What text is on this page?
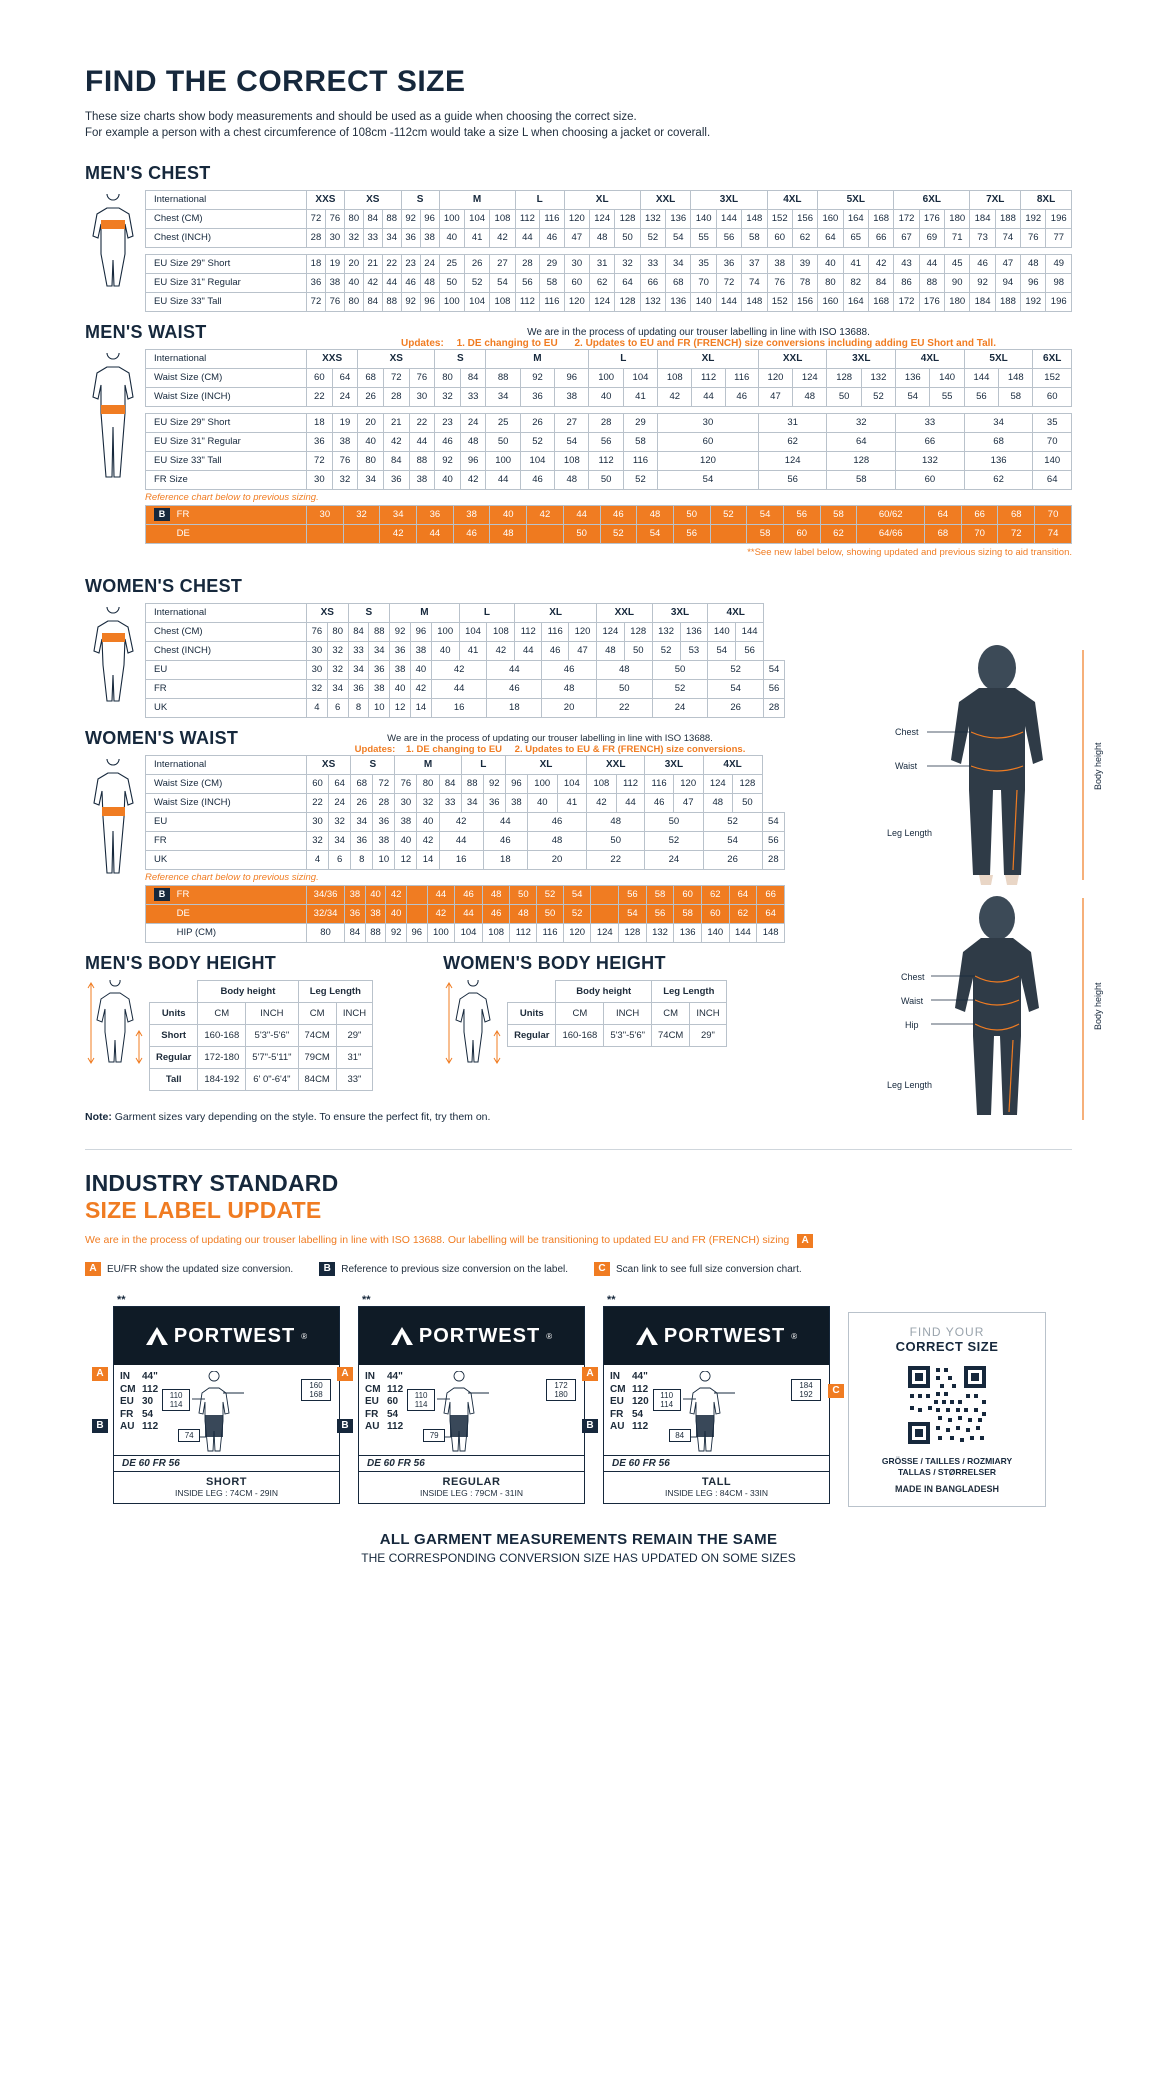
FIND THE CORRECT SIZE
These size charts show body measurements and should be used as a guide when choosing the correct size.
For example a person with a chest circumference of 108cm -112cm would take a size L when choosing a jacket or coverall.
MEN'S CHEST
International	XXS		XS			S		M			L		XL			XXL		3XL			4XL		5XL			6XL			7XL		8XL	
Chest (CM)	72	76	80	84	88	92	96	100	104	108	112	116	120	124	128	132	136	140	144	148	152	156	160	164	168	172	176	180	184	188	192	196
Chest (INCH)	28	30	32	33	34	36	38	40	41	42	44	46	47	48	50	52	54	55	56	58	60	62	64	65	66	67	69	71	73	74	76	77

EU Size 29" Short	18	19	20	21	22	23	24	25	26	27	28	29	30	31	32	33	34	35	36	37	38	39	40	41	42	43	44	45	46	47	48	49
EU Size 31" Regular	36	38	40	42	44	46	48	50	52	54	56	58	60	62	64	66	68	70	72	74	76	78	80	82	84	86	88	90	92	94	96	98
EU Size 33" Tall	72	76	80	84	88	92	96	100	104	108	112	116	120	124	128	132	136	140	144	148	152	156	160	164	168	172	176	180	184	188	192	196
MEN'S WAIST	We are in the process of updating our trouser labelling in line with ISO 13688.
Updates: 1. DE changing to EU 2. Updates to EU and FR (FRENCH) size conversions including adding EU Short and Tall.
International	XXS		XS			S		M			L		XL			XXL		3XL		4XL		5XL		6XL
Waist Size (CM)	60	64	68	72	76	80	84	88	92	96	100	104	108	112	116	120	124	128	132	136	140	144	148	152
Waist Size (INCH)	22	24	26	28	30	32	33	34	36	38	40	41	42	44	46	47	48	50	52	54	55	56	58	60

EU Size 29" Short	18	19	20	21	22	23	24	25	26	27	28	29	30			31		32		33		34		35
EU Size 31" Regular	36	38	40	42	44	46	48	50	52	54	56	58	60			62		64		66		68		70
EU Size 33" Tall	72	76	80	84	88	92	96	100	104	108	112	116	120			124		128		132		136		140
FR Size	30	32	34	36	38	40	42	44	46	48	50	52	54			56		58		60		62		64
Reference chart below to previous sizing.
B FR	30	32	34	36	38	40	42	44	46	48	50	52	54	56	58	60/62	64	66	68	70
DE			42	44	46	48		50	52	54	56		58	60	62	64/66	68	70	72	74
**See new label below, showing updated and previous sizing to aid transition.
Chest
Waist
Leg Length
Body height
Chest
Waist
Hip
Leg Length
Body height
WOMEN'S CHEST
International	XS		S		M			L		XL			XXL		3XL		4XL		
Chest (CM)	76	80	84	88	92	96	100	104	108	112	116	120	124	128	132	136	140	144	
Chest (INCH)	30	32	33	34	36	38	40	41	42	44	46	47	48	50	52	53	54	56	
EU	30	32	34	36	38	40	42		44		46		48		50		52		54
FR	32	34	36	38	40	42	44		46		48		50		52		54		56
UK	4	6	8	10	12	14	16		18		20		22		24		26		28
WOMEN'S WAIST	We are in the process of updating our trouser labelling in line with ISO 13688.
Updates: 1. DE changing to EU 2. Updates to EU & FR (FRENCH) size conversions.
International	XS		S		M			L		XL			XXL		3XL		4XL		
Waist Size (CM)	60	64	68	72	76	80	84	88	92	96	100	104	108	112	116	120	124	128	
Waist Size (INCH)	22	24	26	28	30	32	33	34	36	38	40	41	42	44	46	47	48	50	
EU	30	32	34	36	38	40	42		44		46		48		50		52		54
FR	32	34	36	38	40	42	44		46		48		50		52		54		56
UK	4	6	8	10	12	14	16		18		20		22		24		26		28
Reference chart below to previous sizing.
B FR	34/36	38	40	42		44	46	48	50	52	54		56	58	60	62	64	66
DE	32/34	36	38	40		42	44	46	48	50	52		54	56	58	60	62	64
HIP (CM)	80	84	88	92	96	100	104	108	112	116	120	124	128	132	136	140	144	148
MEN'S BODY HEIGHT
	Body height		Leg Length	
Units	CM	INCH	CM	INCH
Short	160-168	5'3"-5'6"	74CM	29"
Regular	172-180	5'7"-5'11"	79CM	31"
Tall	184-192	6' 0"-6'4"	84CM	33"
WOMEN'S BODY HEIGHT
	Body height		Leg Length	
Units	CM	INCH	CM	INCH
Regular	160-168	5'3"-5'6"	74CM	29"
Note: Garment sizes vary depending on the style. To ensure the perfect fit, try them on.
INDUSTRY STANDARD
SIZE LABEL UPDATE
We are in the process of updating our trouser labelling in line with ISO 13688. Our labelling will be transitioning to updated EU and FR (FRENCH) sizing A
A	EU/FR show the updated size conversion.	B	Reference to previous size conversion on the label.	C	Scan link to see full size conversion chart.
**
A
B
PORTWEST ®
IN 44"
CM 112
EU 30
FR 54
AU 112
110
114
160
168
74
DE 60 FR 56
SHORT
INSIDE LEG : 74CM - 29IN
**
A
B
PORTWEST ®
IN 44"
CM 112
EU 60
FR 54
AU 112
110
114
172
180
79
DE 60 FR 56
REGULAR
INSIDE LEG : 79CM - 31IN
**
A
B
PORTWEST ®
IN 44"
CM 112
EU 120
FR 54
AU 112
110
114
184
192
84
DE 60 FR 56
TALL
INSIDE LEG : 84CM - 33IN
C
FIND YOUR
CORRECT SIZE
GRÖSSE / TAILLES / ROZMIARY
TALLAS / STØRRELSER
MADE IN BANGLADESH
ALL GARMENT MEASUREMENTS REMAIN THE SAME
THE CORRESPONDING CONVERSION SIZE HAS UPDATED ON SOME SIZES
